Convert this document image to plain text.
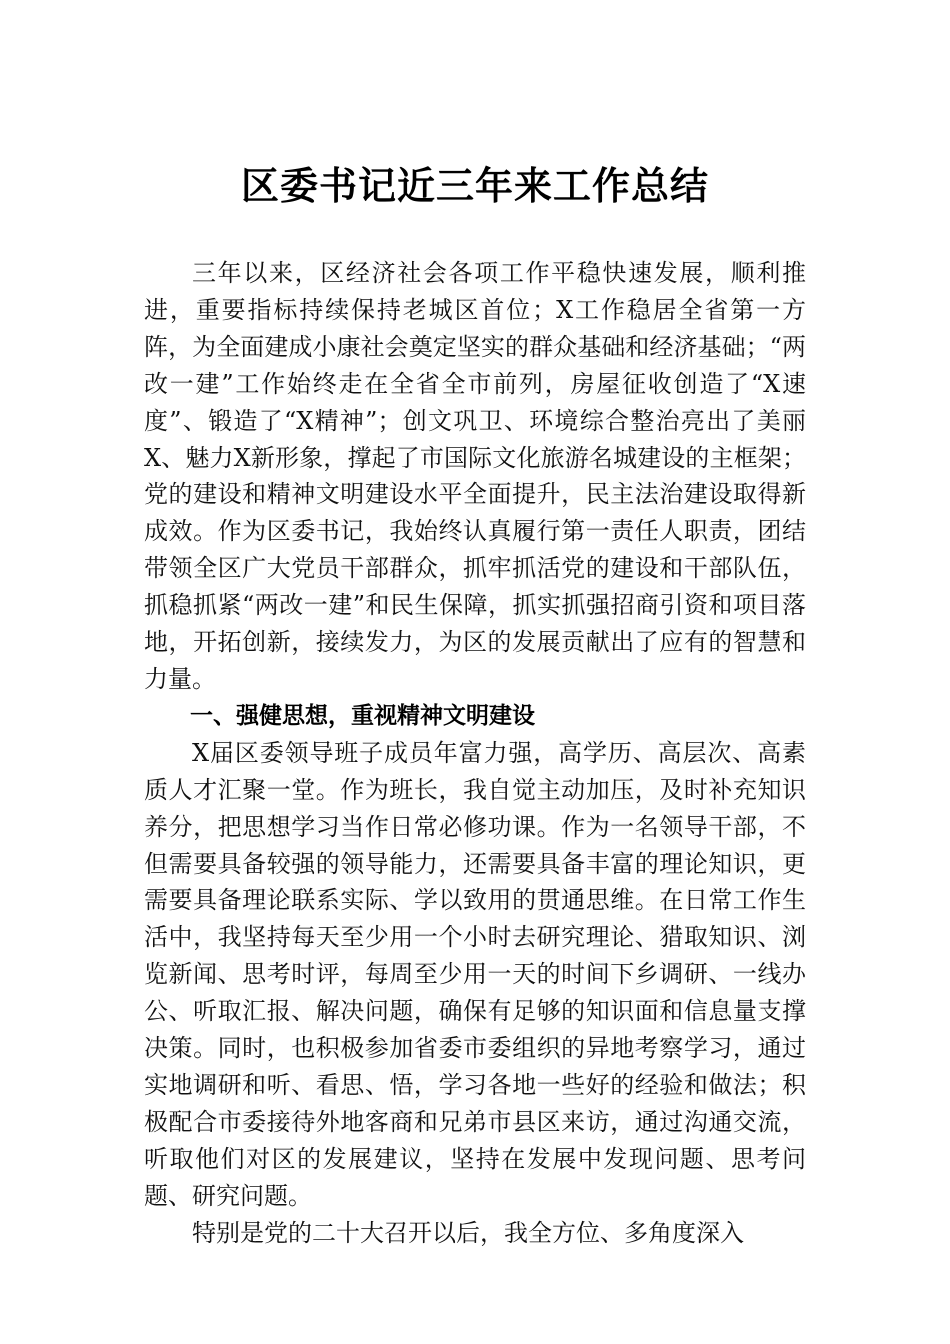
区委书记近三年来工作总结

三年以来，区经济社会各项工作平稳快速发展，顺利推进，重要指标持续保持老城区首位；X工作稳居全省第一方阵，为全面建成小康社会奠定坚实的群众基础和经济基础；“两改一建”工作始终走在全省全市前列，房屋征收创造了“X速度”、锻造了“X精神”；创文巩卫、环境综合整治亮出了美丽X、魅力X新形象，撑起了市国际文化旅游名城建设的主框架；党的建设和精神文明建设水平全面提升，民主法治建设取得新成效。作为区委书记，我始终认真履行第一责任人职责，团结带领全区广大党员干部群众，抓牢抓活党的建设和干部队伍，抓稳抓紧“两改一建”和民生保障，抓实抓强招商引资和项目落地，开拓创新，接续发力，为区的发展贡献出了应有的智慧和力量。

一、强健思想，重视精神文明建设

X届区委领导班子成员年富力强，高学历、高层次、高素质人才汇聚一堂。作为班长，我自觉主动加压，及时补充知识养分，把思想学习当作日常必修功课。作为一名领导干部，不但需要具备较强的领导能力，还需要具备丰富的理论知识，更需要具备理论联系实际、学以致用的贯通思维。在日常工作生活中，我坚持每天至少用一个小时去研究理论、猎取知识、浏览新闻、思考时评，每周至少用一天的时间下乡调研、一线办公、听取汇报、解决问题，确保有足够的知识面和信息量支撑决策。同时，也积极参加省委市委组织的异地考察学习，通过实地调研和听、看思、悟，学习各地一些好的经验和做法；积极配合市委接待外地客商和兄弟市县区来访，通过沟通交流，听取他们对区的发展建议，坚持在发展中发现问题、思考问题、研究问题。

特别是党的二十大召开以后，我全方位、多角度深入
